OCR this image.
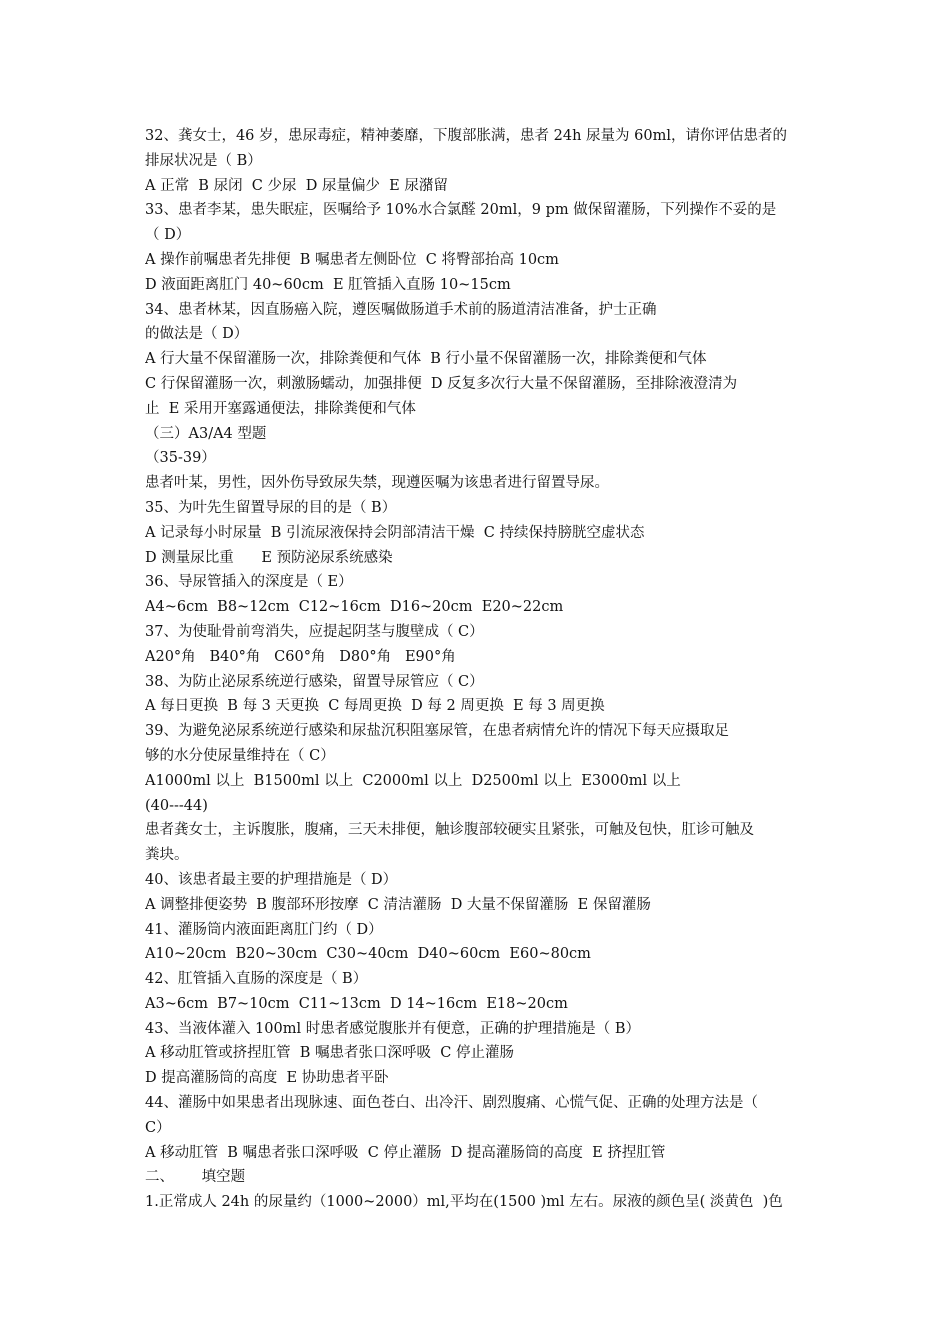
32、龚女士，46 岁，患尿毒症，精神萎靡，下腹部胀满，患者 24h 尿量为 60ml，请你评估患者的
排尿状况是（ B）
A 正常  B 尿闭  C 少尿  D 尿量偏少  E 尿潴留
33、患者李某，患失眠症，医嘱给予 10%水合氯醛 20ml，9 pm 做保留灌肠，下列操作不妥的是
（ D）
A 操作前嘱患者先排便  B 嘱患者左侧卧位  C 将臀部抬高 10cm
D 液面距离肛门 40~60cm  E 肛管插入直肠 10~15cm
34、患者林某，因直肠癌入院，遵医嘱做肠道手术前的肠道清洁准备，护士正确
的做法是（ D）
A 行大量不保留灌肠一次，排除粪便和气体  B 行小量不保留灌肠一次，排除粪便和气体
C 行保留灌肠一次，刺激肠蠕动，加强排便  D 反复多次行大量不保留灌肠，至排除液澄清为
止  E 采用开塞露通便法，排除粪便和气体
（三）A3/A4 型题
（35-39）
患者叶某，男性，因外伤导致尿失禁，现遵医嘱为该患者进行留置导尿。
35、为叶先生留置导尿的目的是（ B）
A 记录每小时尿量  B 引流尿液保持会阴部清洁干燥  C 持续保持膀胱空虚状态
D 测量尿比重      E 预防泌尿系统感染
36、导尿管插入的深度是（ E）
A4~6cm  B8~12cm  C12~16cm  D16~20cm  E20~22cm
37、为使耻骨前弯消失，应提起阴茎与腹壁成（ C）
A20°角   B40°角   C60°角   D80°角   E90°角
38、为防止泌尿系统逆行感染，留置导尿管应（ C）
A 每日更换  B 每 3 天更换  C 每周更换  D 每 2 周更换  E 每 3 周更换
39、为避免泌尿系统逆行感染和尿盐沉积阻塞尿管，在患者病情允许的情况下每天应摄取足
够的水分使尿量维持在（ C）
A1000ml 以上  B1500ml 以上  C2000ml 以上  D2500ml 以上  E3000ml 以上
(40---44)
患者龚女士，主诉腹胀，腹痛，三天未排便，触诊腹部较硬实且紧张，可触及包快，肛诊可触及
粪块。
40、该患者最主要的护理措施是（ D）
A 调整排便姿势  B 腹部环形按摩  C 清洁灌肠  D 大量不保留灌肠  E 保留灌肠
41、灌肠筒内液面距离肛门约（ D）
A10~20cm  B20~30cm  C30~40cm  D40~60cm  E60~80cm
42、肛管插入直肠的深度是（ B）
A3~6cm  B7~10cm  C11~13cm  D 14~16cm  E18~20cm
43、当液体灌入 100ml 时患者感觉腹胀并有便意，正确的护理措施是（ B）
A 移动肛管或挤捏肛管  B 嘱患者张口深呼吸  C 停止灌肠
D 提高灌肠筒的高度  E 协助患者平卧
44、灌肠中如果患者出现脉速、面色苍白、出冷汗、剧烈腹痛、心慌气促、正确的处理方法是（
C）
A 移动肛管  B 嘱患者张口深呼吸  C 停止灌肠  D 提高灌肠筒的高度  E 挤捏肛管
二、      填空题
1.正常成人 24h 的尿量约（1000~2000）ml,平均在(1500 )ml 左右。尿液的颜色呈( 淡黄色  )色
